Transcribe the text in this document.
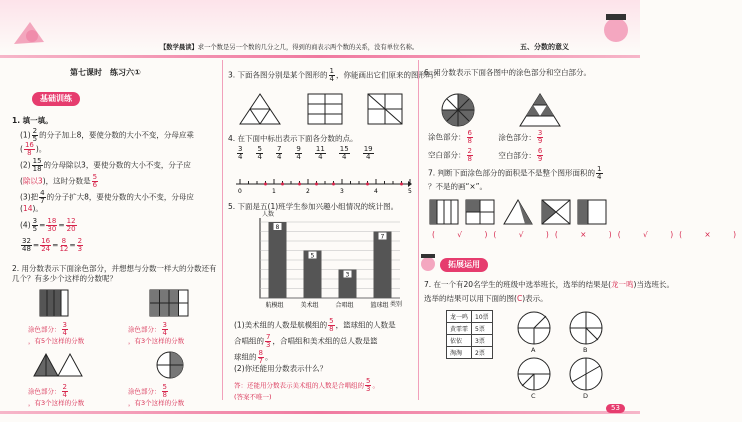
【数学晨读】求一个数是另一个数的几分之几，得到的商表示两个数的关系，没有单位名称。	五、分数的意义
第七课时　练习六①
基础训练
1. 填一填。
$(1) \frac{2}{5}$ 的分子加上8，要使分数的大小不变，分母应乘
( $\frac{16}{8}$ )。
$(2) \frac{15}{18}$ 的分母除以3，要使分数的大小不变，分子应
(除以3)，这时分数是 $\frac{5}{6}$
(3)把 $\frac{4}{7}$ 的分子扩大8，要使分数的大小不变，分母应
(14)。
$(4) \frac{3}{5} = \frac{18}{30} = \frac{12}{20}$
$\frac{32}{48} = \frac{16}{24} = \frac{8}{12} = \frac{2}{3}$
2. 用分数表示下面涂色部分，并想想与分数一样大的分数还有几个？有多少个这样的分数呢？
涂色部分： $\frac{3}{4}$

，有5个这样的分数
涂色部分： $\frac{3}{4}$

，有3个这样的分数
涂色部分： $\frac{2}{4}$

，有3个这样的分数
涂色部分： $\frac{5}{8}$

，有3个这样的分数
3. 下面各图分别是某个图形的 $\frac{1}{4}$ ，你能画出它们原来的图形吗？
4. 在下面中标出表示下面各分数的点。
$\frac{3}{4} \frac{5}{4} \frac{7}{4} \frac{9}{4} \frac{11}{4} \frac{15}{4} \frac{19}{4}$
0	1	2	3	4	5
5. 下面是五(1)班学生参加兴趣小组情况的统计图。
8
航模组
5
美术组
3
合唱组
7
篮球组
人数
类别
(1)美术组的人数是航模组的 $\frac{5}{8}$ ，篮球组的人数是
合唱组的 $\frac{7}{3}$ ，合唱组和美术组的总人数是篮
球组的 $\frac{8}{7}$ 。
(2)你还能用分数表示什么？
答：还能用分数表示美术组的人数是合唱组的 $\frac{5}{3}$ 。
(答案不唯一)
6. 用分数表示下面各图中的涂色部分和空白部分。
涂色部分： $\frac{6}{8}$	涂色部分： $\frac{3}{9}$
空白部分： $\frac{2}{8}$	空白部分： $\frac{6}{9}$
7. 判断下面涂色部分的面积是不是整个图形面积的 $\frac{1}{4}$
？不是的画“×”。
( √ ) ( √ ) ( × ) ( √ ) ( × )
拓展运用
7. 在一个有20名学生的班级中选举班长，选举的结果是(龙一鸣)当选班长。
选举的结果可以用下面的图(C)表示。
龙一鸣	10票
黄霏霏	5票
依依	3票
淘淘	2票	A	B
C	D
53
